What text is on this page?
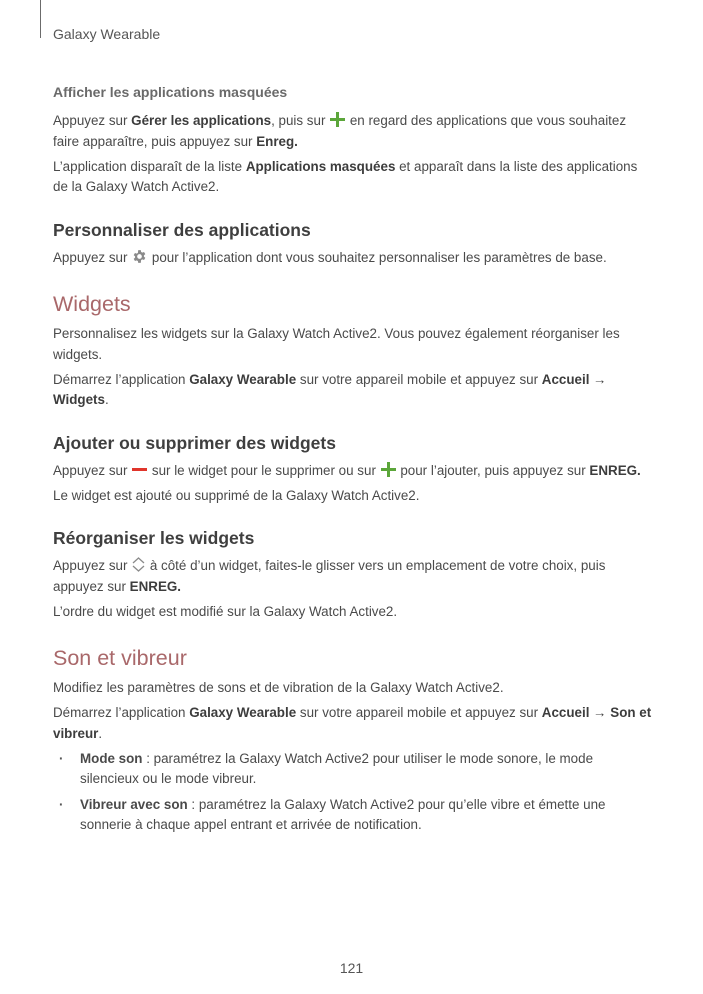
Galaxy Wearable
Afficher les applications masquées

Appuyez sur Gérer les applications, puis sur  en regard des applications que vous souhaitez faire apparaître, puis appuyez sur Enreg.

L’application disparaît de la liste Applications masquées et apparaît dans la liste des applications de la Galaxy Watch Active2.

Personnaliser des applications

Appuyez sur  pour l’application dont vous souhaitez personnaliser les paramètres de base.

Widgets

Personnalisez les widgets sur la Galaxy Watch Active2. Vous pouvez également réorganiser les widgets.

Démarrez l’application Galaxy Wearable sur votre appareil mobile et appuyez sur Accueil → Widgets.

Ajouter ou supprimer des widgets

Appuyez sur  sur le widget pour le supprimer ou sur  pour l’ajouter, puis appuyez sur ENREG.

Le widget est ajouté ou supprimé de la Galaxy Watch Active2.

Réorganiser les widgets

Appuyez sur  à côté d’un widget, faites-le glisser vers un emplacement de votre choix, puis appuyez sur ENREG.

L’ordre du widget est modifié sur la Galaxy Watch Active2.

Son et vibreur

Modifiez les paramètres de sons et de vibration de la Galaxy Watch Active2.

Démarrez l’application Galaxy Wearable sur votre appareil mobile et appuyez sur Accueil → Son et vibreur.

· Mode son : paramétrez la Galaxy Watch Active2 pour utiliser le mode sonore, le mode silencieux ou le mode vibreur.
· Vibreur avec son : paramétrez la Galaxy Watch Active2 pour qu’elle vibre et émette une sonnerie à chaque appel entrant et arrivée de notification.
121
